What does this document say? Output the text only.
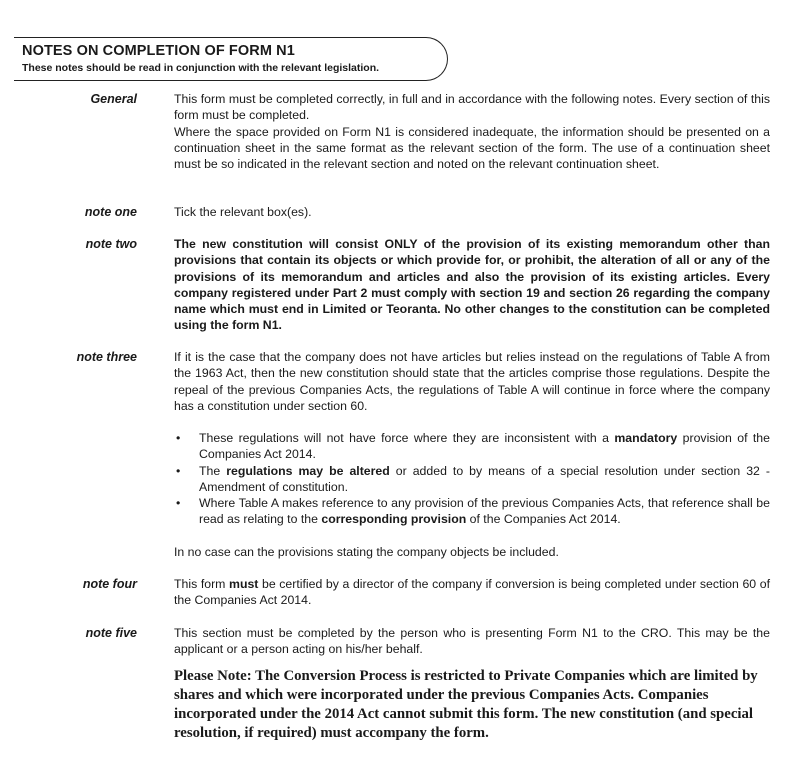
NOTES ON COMPLETION OF FORM N1
These notes should be read in conjunction with the relevant legislation.
General	This form must be completed correctly, in full and in accordance with the following notes. Every section of this form must be completed.

Where the space provided on Form N1 is considered inadequate, the information should be presented on a continuation sheet in the same format as the relevant section of the form. The use of a continuation sheet must be so indicated in the relevant section and noted on the relevant continuation sheet.

note one	Tick the relevant box(es).
note two	The new constitution will consist ONLY of the provision of its existing memorandum other than provisions that contain its objects or which provide for, or prohibit, the alteration of all or any of the provisions of its memorandum and articles and also the provision of its existing articles. Every company registered under Part 2 must comply with section 19 and section 26 regarding the company name which must end in Limited or Teoranta. No other changes to the constitution can be completed using the form N1.
note three	If it is the case that the company does not have articles but relies instead on the regulations of Table A from the 1963 Act, then the new constitution should state that the articles comprise those regulations. Despite the repeal of the previous Companies Acts, the regulations of Table A will continue in force where the company has a constitution under section 60.
• These regulations will not have force where they are inconsistent with a mandatory provision of the Companies Act 2014.
• The regulations may be altered or added to by means of a special resolution under section 32 - Amendment of constitution.
• Where Table A makes reference to any provision of the previous Companies Acts, that reference shall be read as relating to the corresponding provision of the Companies Act 2014.
In no case can the provisions stating the company objects be included.
note four	This form must be certified by a director of the company if conversion is being completed under section 60 of the Companies Act 2014.
note five	This section must be completed by the person who is presenting Form N1 to the CRO. This may be the applicant or a person acting on his/her behalf.
Please Note: The Conversion Process is restricted to Private Companies which are limited by shares and which were incorporated under the previous Companies Acts. Companies incorporated under the 2014 Act cannot submit this form. The new constitution (and special resolution, if required) must accompany the form.
